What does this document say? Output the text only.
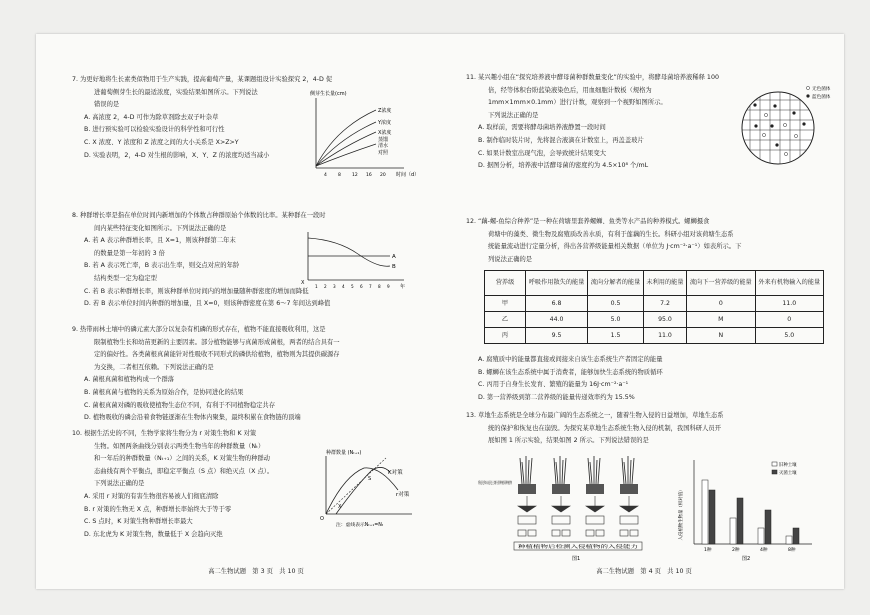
7. 为更好地将生长素类似物用于生产实践，提高葡萄产量，某课题组设计实验探究 2，4-D 促

进葡萄侧芽生长的最适浓度，实验结果如图所示。下列说法

错误的是

A. 高浓度 2，4-D 可作为除草剂除去双子叶杂草

B. 进行预实验可以检验实验设计的科学性和可行性

C. X 浓度、Y 浓度和 Z 浓度之间的大小关系是 X>Z>Y

D. 实验表明，2，4-D 对生根的影响，X、Y、Z 的浓度均适当减小

侧芽生长量(cm)
Z浓度
Y浓度
X浓度
蒸馏
清水
对照
4 8 12 16 20 时间（d）

8. 种群增长率是指在单位时间内新增加的个体数占种群原始个体数的比率。某种群在一段时

间内某些特征变化如图所示。下列说法正确的是

A. 若 A 表示种群增长率，且 X=1，则该种群第二年末

的数量是第一年初的 3 倍

B. 若 A 表示死亡率，B 表示出生率，则交点对应的年龄

结构类型一定为稳定型

C. 若 B 表示种群增长率，则该种群单位时间内的增加量随种群密度的增加而降低

D. 若 B 表示单位时间内种群的增加量，且 X=0，则该种群密度在第 6～7 年间达到峰值

A
B
X
1 2 3 4 5 6 7 8 9 年

9. 热带雨林土壤中的磷元素大部分以复杂有机磷的形式存在，植物不能直接吸收利用，这是

限制植物生长和幼苗更新的主要因素。部分植物能够与真菌形成菌根，两者的结合具有一

定的偏好性。各类菌根真菌能针对性吸收不同形式的磷供给植物，植物则为其提供碳源存

为交换，二者相互依赖。下列说法正确的是

A. 菌根真菌和植物构成一个群落

B. 菌根真菌与植物的关系为原始合作，是协同进化的结果

C. 菌根真菌对磷的吸收使植物生态位不同，有利于不同植物稳定共存

D. 植物吸收的磷会沿着食物链逐渐在生物体内聚集，最终积累在食物链的顶端

10. 根据生活史的不同，生物学家将生物分为 r 对策生物和 K 对策

生物。如图两条曲线分别表示两类生物当年的种群数量（Nₜ）

和一年后的种群数量（Nₜ₊₁）之间的关系，K 对策生物的种群动

态曲线有两个平衡点，即稳定平衡点（S 点）和绝灭点（X 点）。

下列说法正确的是

A. 采用 r 对策的有害生物很容易被人们彻底清除

B. r 对策的生物无 X 点，种群增长率始终大于等于零

C. S 点时，K 对策生物种群增长率最大

D. 东北虎为 K 对策生物，数量低于 X 会趋向灭绝

种群数量 (Nₜ₊₁)
K对策
r对策
S
X
O
注：虚线表示Nₜ₊₁=Nₜ
高二生物试题　第 3 页　共 10 页

11. 某兴趣小组在“探究培养液中酵母菌种群数量变化”的实验中，将酵母菌培养液稀释 100

倍，经等体积台盼蓝染液染色后，用血细胞计数板（规格为

1mm×1mm×0.1mm）进行计数，观察到一个视野如图所示。

下列说法正确的是

A. 取样前，需要将酵母菌培养液静置一段时间

B. 制作临时装片时，先将混合液滴在计数室上，再盖盖玻片

C. 如果计数室出现气泡，会导致统计结果变大

D. 据图分析，培养液中活酵母菌的密度约为 4.5×10⁸ 个/mL

无色菌体
蓝色菌体

12. “藕-螺-鱼综合种养”是一种在荷塘里套养螺蛳、鱼类等水产品的种养模式。螺蛳摄食

荷塘中的藻类、微生物及腐殖质改善水质，有利于莲藕的生长。科研小组对该荷塘生态系

统能量流动进行定量分析，得出各营养级能量相关数据（单位为 J·cm⁻²·a⁻¹）如表所示。下

列说法正确的是

营养级	呼吸作用散失的能量	流向分解者的能量	未利用的能量	流向下一营养级的能量	外来有机物输入的能量
甲	6.8	0.5	7.2	0	11.0
乙	44.0	5.0	95.0	M	0
丙	9.5	1.5	11.0	N	5.0

A. 腐殖质中的能量都直接或间接来自该生态系统生产者固定的能量

B. 螺蛳在该生态系统中属于消费者，能够加快生态系统的物质循环

C. 丙用于自身生长发育、繁殖的能量为 16J·cm⁻²·a⁻¹

D. 第一营养级到第二营养级的能量传递效率约为 15.5%

13. 草地生态系统是全球分布最广阔的生态系统之一，随着生物入侵的日益增加，草地生态系

统的保护和恢复也在崩毁。为探究某草地生态系统生物入侵的机制，我国科研人员开

展如图 1 所示实验，结果如图 2 所示。下列说法错误的是

将退化和未退化土壤分别种植同种植物
种植植物后检测入侵植物的入侵能力
图1
入侵植物生物量（相对值）
1种	2种	4种	8种
旧种土壤
灭菌土壤
图2
高二生物试题　第 4 页　共 10 页
